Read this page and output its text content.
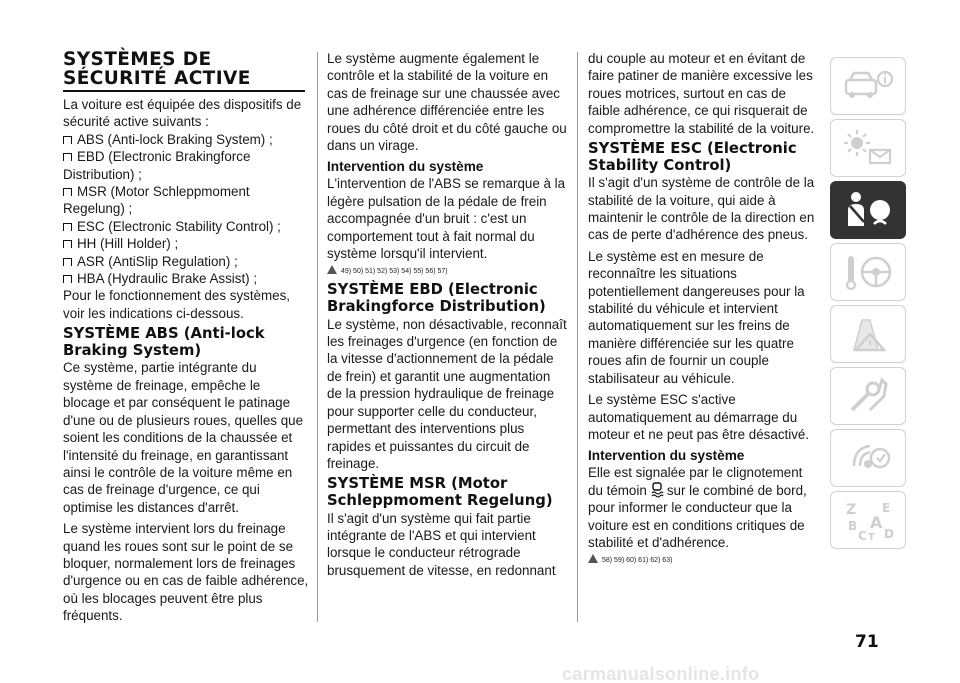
SYSTÈMES DE
SÉCURITÉ ACTIVE

La voiture est équipée des dispositifs de sécurité active suivants :

ABS (Anti-lock Braking System) ;
EBD (Electronic Brakingforce Distribution) ;
MSR (Motor Schleppmoment Regelung) ;
ESC (Electronic Stability Control) ;
HH (Hill Holder) ;
ASR (AntiSlip Regulation) ;
HBA (Hydraulic Brake Assist) ;

Pour le fonctionnement des systèmes, voir les indications ci-dessous.

SYSTÈME ABS (Anti-lock Braking System)

Ce système, partie intégrante du système de freinage, empêche le blocage et par conséquent le patinage d'une ou de plusieurs roues, quelles que soient les conditions de la chaussée et l'intensité du freinage, en garantissant ainsi le contrôle de la voiture même en cas de freinage d'urgence, ce qui optimise les distances d'arrêt.

Le système intervient lors du freinage quand les roues sont sur le point de se bloquer, normalement lors de freinages d'urgence ou en cas de faible adhérence, où les blocages peuvent être plus fréquents.

Le système augmente également le contrôle et la stabilité de la voiture en cas de freinage sur une chaussée avec une adhérence différenciée entre les roues du côté droit et du côté gauche ou dans un virage.

Intervention du système

L'intervention de l'ABS se remarque à la légère pulsation de la pédale de frein accompagnée d'un bruit : c'est un comportement tout à fait normal du système lorsqu'il intervient.

49) 50) 51) 52) 53) 54) 55) 56) 57)
SYSTÈME EBD (Electronic Brakingforce Distribution)

Le système, non désactivable, reconnaît les freinages d'urgence (en fonction de la vitesse d'actionnement de la pédale de frein) et garantit une augmentation de la pression hydraulique de freinage pour supporter celle du conducteur, permettant des interventions plus rapides et puissantes du circuit de freinage.

SYSTÈME MSR (Motor Schleppmoment Regelung)

Il s'agit d'un système qui fait partie intégrante de l'ABS et qui intervient lorsque le conducteur rétrograde brusquement de vitesse, en redonnant

du couple au moteur et en évitant de faire patiner de manière excessive les roues motrices, surtout en cas de faible adhérence, ce qui risquerait de compromettre la stabilité de la voiture.

SYSTÈME ESC (Electronic Stability Control)

Il s'agit d'un système de contrôle de la stabilité de la voiture, qui aide à maintenir le contrôle de la direction en cas de perte d'adhérence des pneus.

Le système est en mesure de reconnaître les situations potentiellement dangereuses pour la stabilité du véhicule et intervient automatiquement sur les freins de manière différenciée sur les quatre roues afin de fournir un couple stabilisateur au véhicule.

Le système ESC s'active automatiquement au démarrage du moteur et ne peut pas être désactivé.

Intervention du système

Elle est signalée par le clignotement du témoin sur le combiné de bord, pour informer le conducteur que la voiture est en conditions critiques de stabilité et d'adhérence.

58) 59) 60) 61) 62) 63)
Z E
B A
C D
T
71
carmanualsonline.info
